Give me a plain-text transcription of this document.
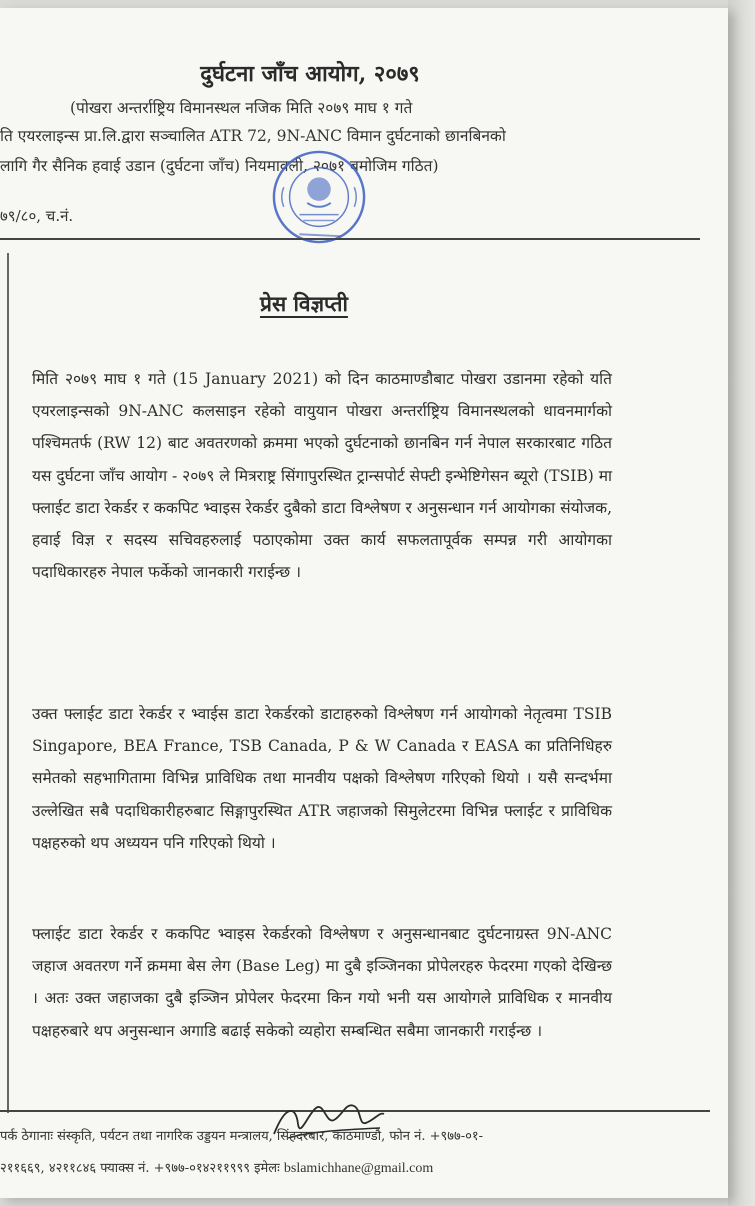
दुर्घटना जाँच आयोग, २०७९
(पोखरा अन्तर्राष्ट्रिय विमानस्थल नजिक मिति २०७९ माघ १ गते
ति एयरलाइन्स प्रा.लि.द्वारा सञ्चालित ATR 72, 9N-ANC विमान दुर्घटनाको छानबिनको
लागि गैर सैनिक हवाई उडान (दुर्घटना जाँच) नियमावली, २०७१ बमोजिम गठित)
७९/८०, च.नं.
प्रेस विज्ञप्ती
मिति २०७९ माघ १ गते (15 January 2021) को दिन काठमाण्डौबाट पोखरा उडानमा रहेको यति एयरलाइन्सको 9N-ANC कलसाइन रहेको वायुयान पोखरा अन्तर्राष्ट्रिय विमानस्थलको धावनमार्गको पश्चिमतर्फ (RW 12) बाट अवतरणको क्रममा भएको दुर्घटनाको छानबिन गर्न नेपाल सरकारबाट गठित यस दुर्घटना जाँच आयोग - २०७९ ले मित्रराष्ट्र सिंगापुरस्थित ट्रान्सपोर्ट सेफ्टी इन्भेष्टिगेसन ब्यूरो (TSIB) मा फ्लाईट डाटा रेकर्डर र ककपिट भ्वाइस रेकर्डर दुबैको डाटा विश्लेषण र अनुसन्धान गर्न आयोगका संयोजक, हवाई विज्ञ र सदस्य सचिवहरुलाई पठाएकोमा उक्त कार्य सफलतापूर्वक सम्पन्न गरी आयोगका पदाधिकारहरु नेपाल फर्केको जानकारी गराईन्छ ।
उक्त फ्लाईट डाटा रेकर्डर र भ्वाईस डाटा रेकर्डरको डाटाहरुको विश्लेषण गर्न आयोगको नेतृत्वमा TSIB Singapore, BEA France, TSB Canada, P & W Canada र EASA का प्रतिनिधिहरु समेतको सहभागितामा विभिन्न प्राविधिक तथा मानवीय पक्षको विश्लेषण गरिएको थियो । यसै सन्दर्भमा उल्लेखित सबै पदाधिकारीहरुबाट सिङ्गापुरस्थित ATR जहाजको सिमुलेटरमा विभिन्न फ्लाईट र प्राविधिक पक्षहरुको थप अध्ययन पनि गरिएको थियो ।
फ्लाईट डाटा रेकर्डर र ककपिट भ्वाइस रेकर्डरको विश्लेषण र अनुसन्धानबाट दुर्घटनाग्रस्त 9N-ANC जहाज अवतरण गर्ने क्रममा बेस लेग (Base Leg) मा दुबै इञ्जिनका प्रोपेलरहरु फेदरमा गएको देखिन्छ । अतः उक्त जहाजका दुबै इञ्जिन प्रोपेलर फेदरमा किन गयो भनी यस आयोगले प्राविधिक र मानवीय पक्षहरुबारे थप अनुसन्धान अगाडि बढाई सकेको व्यहोरा सम्बन्धित सबैमा जानकारी गराईन्छ ।
पर्क ठेगानाः संस्कृति, पर्यटन तथा नागरिक उड्डयन मन्त्रालय, सिंहदरबार, काठमाण्डौ, फोन नं. +९७७-०१-
२११६६९, ४२११८४६ फ्याक्स नं. +९७७-०१४२११९९९ इमेलः bslamichhane@gmail.com
